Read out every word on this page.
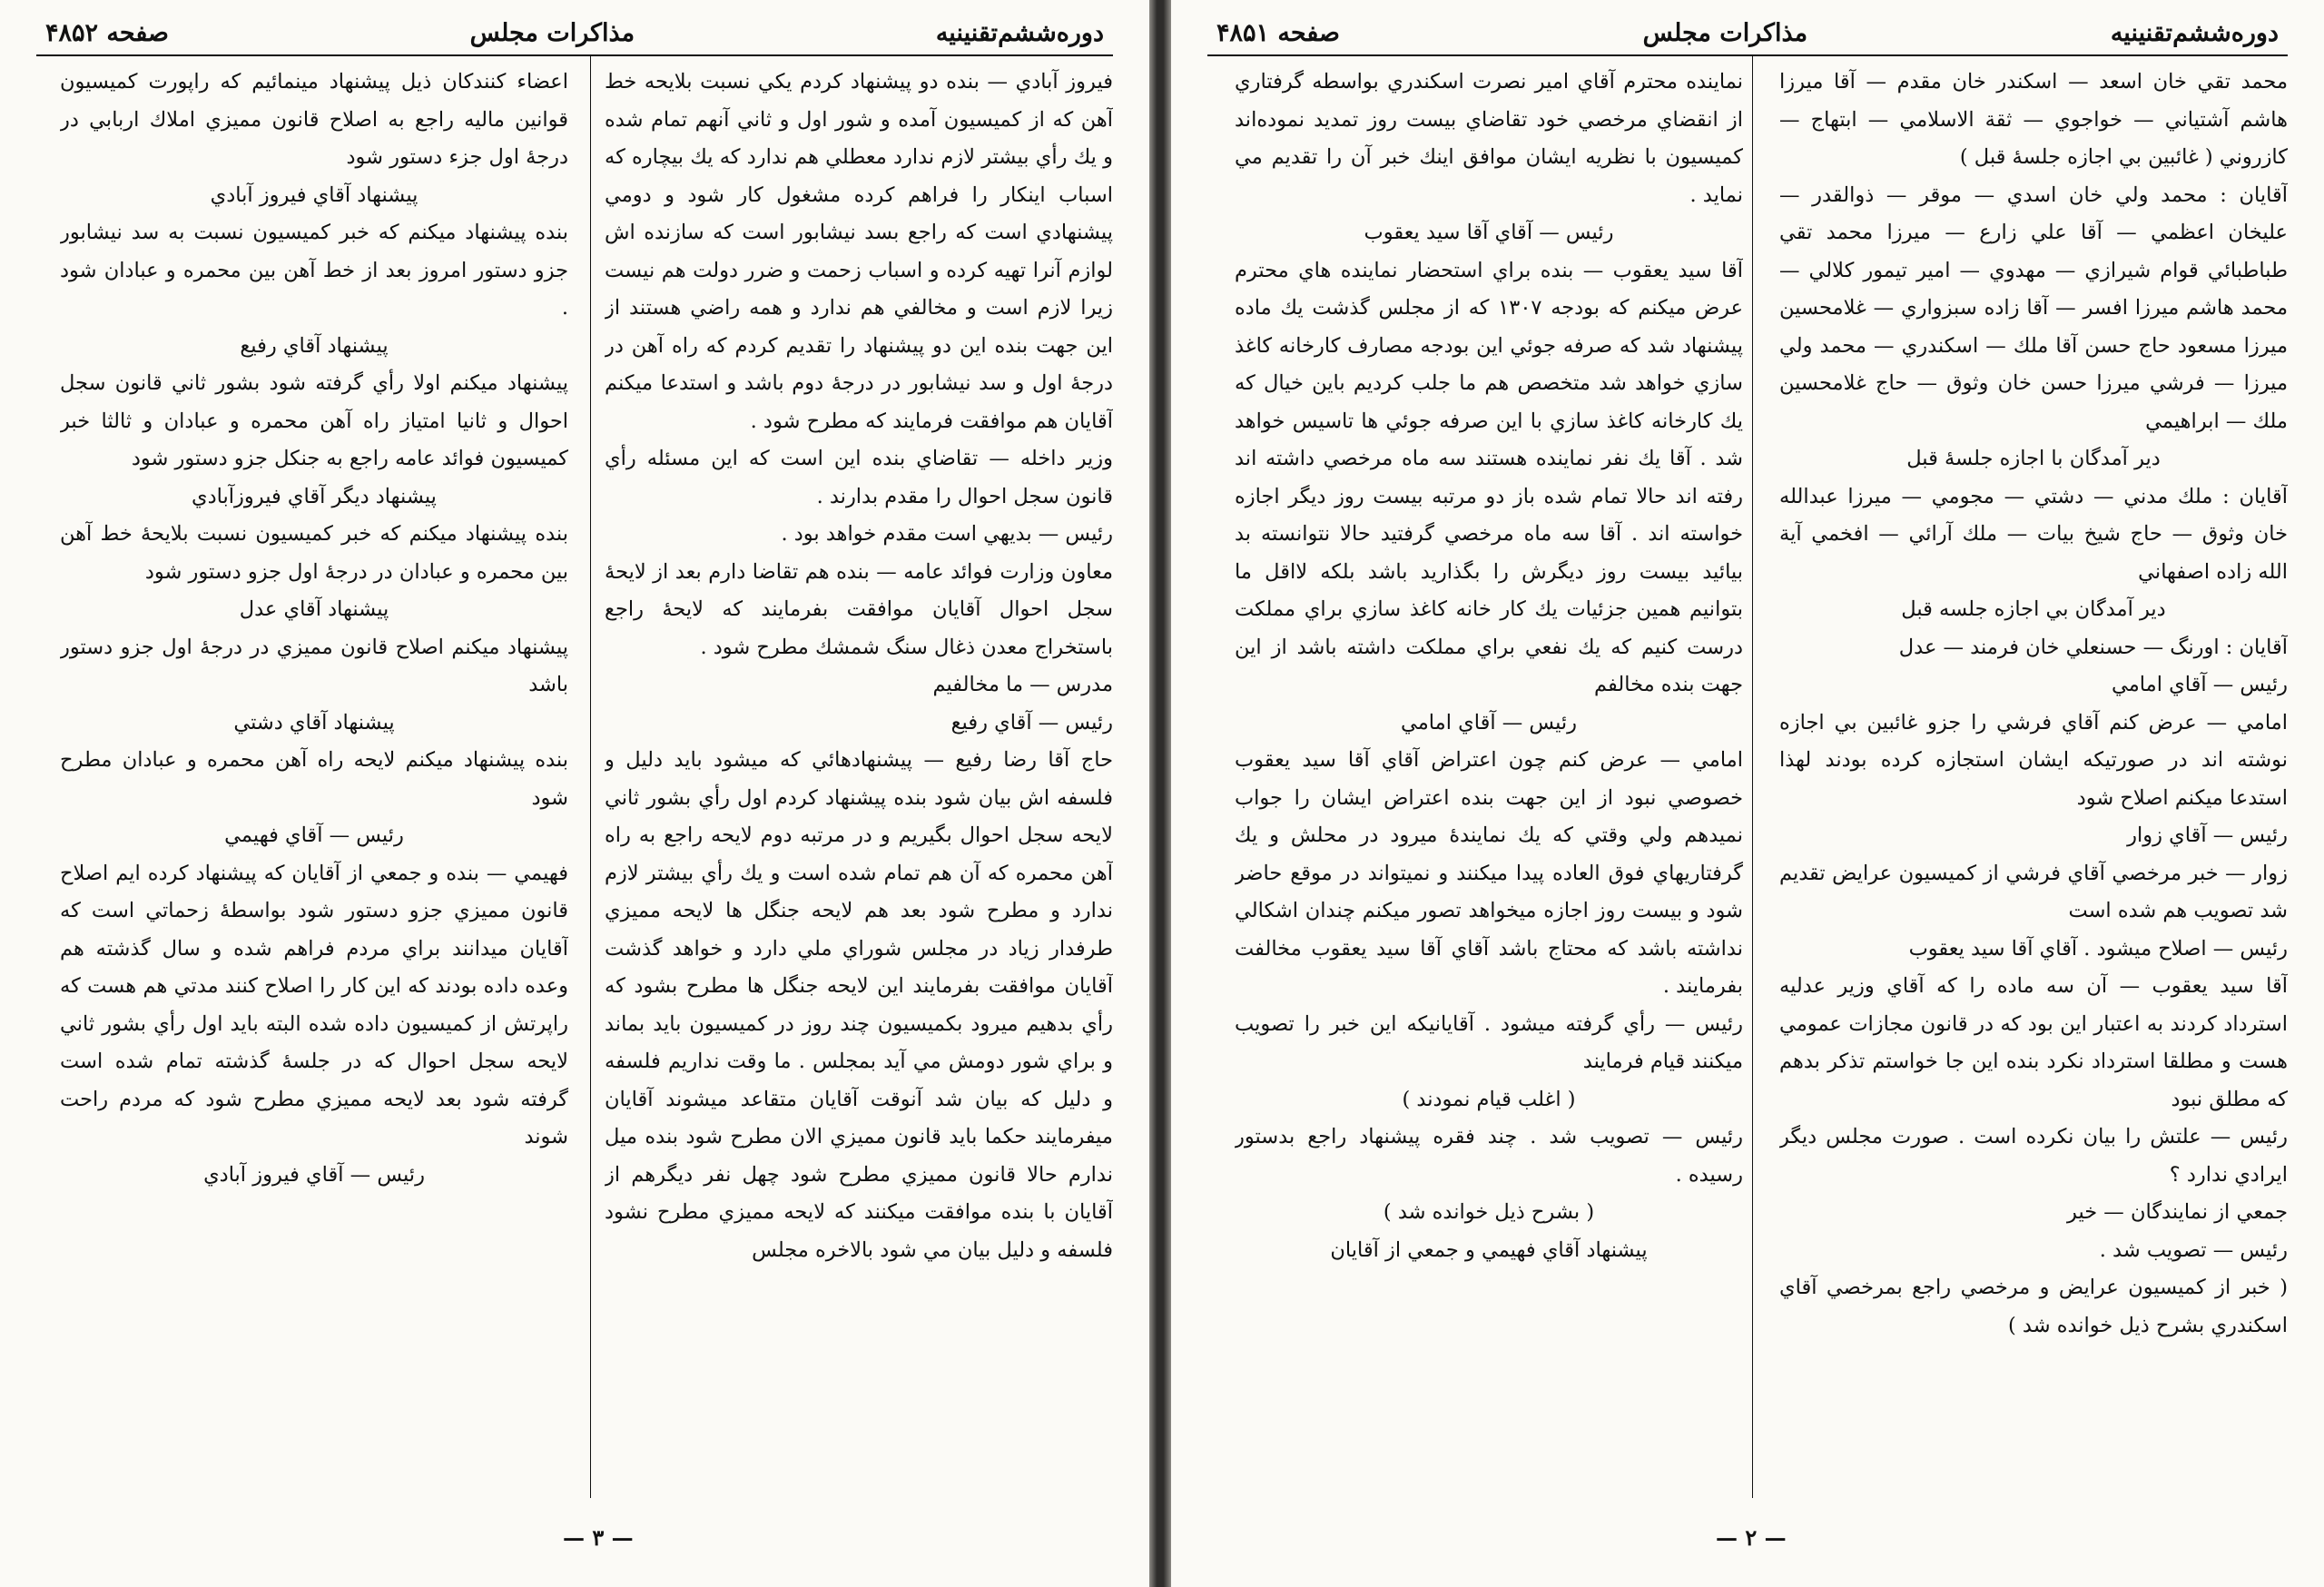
دوره‌ششم‌تقنینیه
مذاكرات مجلس
صفحه ۴۸۵۲

اعضاء كنندكان ذيل پيشنهاد مينمائيم كه راپورت كميسيون قوانين ماليه راجع به اصلاح قانون مميزي املاك اربابي در درجهٔ اول جزء دستور شود

پيشنهاد آقاي فيروز آبادي

بنده پيشنهاد ميكنم كه خبر كميسيون نسبت به سد نيشابور جزو دستور امروز بعد از خط آهن بين محمره و عبادان شود .

پيشنهاد آقاي رفيع

پيشنهاد ميكنم اولا رأي گرفته شود بشور ثاني قانون سجل احوال و ثانيا امتياز راه آهن محمره و عبادان و ثالثا خبر كميسيون فوائد عامه راجع به جنكل جزو دستور شود

پيشنهاد ديگر آقاي فيروزآبادي

بنده پيشنهاد ميكنم كه خبر كميسيون نسبت بلايحهٔ خط آهن بين محمره و عبادان در درجهٔ اول جزو دستور شود

پيشنهاد آقاي عدل

پيشنهاد ميكنم اصلاح قانون مميزي در درجهٔ اول جزو دستور باشد

پيشنهاد آقاي دشتي

بنده پيشنهاد ميكنم لايحه راه آهن محمره و عبادان مطرح شود

رئيس — آقاي فهيمي

فهيمي — بنده و جمعي از آقايان كه پيشنهاد كرده ايم اصلاح قانون مميزي جزو دستور شود بواسطهٔ زحماتي است كه آقايان ميدانند براي مردم فراهم شده و سال گذشته هم وعده داده بودند كه اين كار را اصلاح كنند مدتي هم هست كه راپرتش از كميسيون داده شده البته بايد اول رأي بشور ثاني لايحه سجل احوال كه در جلسهٔ گذشته تمام شده است گرفته شود بعد لايحه مميزي مطرح شود كه مردم راحت شوند

رئيس — آقاي فيروز آبادي

فيروز آبادي — بنده دو پيشنهاد كردم يكي نسبت بلايحه خط آهن كه از كميسيون آمده و شور اول و ثاني آنهم تمام شده و يك رأي بيشتر لازم ندارد معطلي هم ندارد كه يك بيچاره كه اسباب اينكار را فراهم كرده مشغول كار شود و دومي پيشنهادي است كه راجع بسد نيشابور است كه سازنده اش لوازم آنرا تهيه كرده و اسباب زحمت و ضرر دولت هم نيست زيرا لازم است و مخالفي هم ندارد و همه راضي هستند از اين جهت بنده اين دو پيشنهاد را تقديم كردم كه راه آهن در درجهٔ اول و سد نيشابور در درجهٔ دوم باشد و استدعا ميكنم آقايان هم موافقت فرمايند كه مطرح شود .

وزير داخله — تقاضاي بنده اين است كه اين مسئله رأي قانون سجل احوال را مقدم بدارند .

رئيس — بديهي است مقدم خواهد بود .

معاون وزارت فوائد عامه — بنده هم تقاضا دارم بعد از لايحهٔ سجل احوال آقايان موافقت بفرمايند كه لايحهٔ راجع باستخراج معدن ذغال سنگ شمشك مطرح شود .

مدرس — ما مخالفيم

رئيس — آقاي رفيع

حاج آقا رضا رفيع — پيشنهادهائي كه ميشود بايد دليل و فلسفه اش بيان شود بنده پيشنهاد كردم اول رأي بشور ثاني لايحه سجل احوال بگيريم و در مرتبه دوم لايحه راجع به راه آهن محمره كه آن هم تمام شده است و يك رأي بيشتر لازم ندارد و مطرح شود بعد هم لايحه جنگل ها لايحه مميزي طرفدار زياد در مجلس شوراي ملي دارد و خواهد گذشت آقايان موافقت بفرمايند اين لايحه جنگل ها مطرح بشود كه رأي بدهيم ميرود بكميسيون چند روز در كميسيون بايد بماند و براي شور دومش مي آيد بمجلس . ما وقت نداريم فلسفه و دليل كه بيان شد آنوقت آقايان متقاعد ميشوند آقايان ميفرمايند حكما بايد قانون مميزي الان مطرح شود بنده ميل ندارم حالا قانون مميزي مطرح شود چهل نفر ديگرهم از آقايان با بنده موافقت ميكنند كه لايحه مميزي مطرح نشود فلسفه و دليل بيان مي شود بالاخره مجلس

— ٣ —
دوره‌ششم‌تقنینیه
مذاكرات مجلس
صفحه ۴۸۵۱

نماينده محترم آقاي امير نصرت اسكندري بواسطه گرفتاري از انقضاي مرخصي خود تقاضاي بيست روز تمديد نموده‌اند كميسيون با نظريه ايشان موافق اينك خبر آن را تقديم مي نمايد .

رئيس — آقاي آقا سيد يعقوب

آقا سيد يعقوب — بنده براي استحضار نماينده هاي محترم عرض ميكنم كه بودجه ۱۳۰۷ كه از مجلس گذشت يك ماده پيشنهاد شد كه صرفه جوئي اين بودجه مصارف كارخانه كاغذ سازي خواهد شد متخصص هم ما جلب كرديم باين خيال كه يك كارخانه كاغذ سازي با اين صرفه جوئي ها تاسيس خواهد شد . آقا يك نفر نماينده هستند سه ماه مرخصي داشته اند رفته اند حالا تمام شده باز دو مرتبه بيست روز ديگر اجازه خواسته اند . آقا سه ماه مرخصي گرفتيد حالا نتوانسته بد بيائيد بيست روز ديگرش را بگذاريد باشد بلكه لااقل ما بتوانيم همين جزئيات يك كار خانه كاغذ سازي براي مملكت درست كنيم كه يك نفعي براي مملكت داشته باشد از اين جهت بنده مخالفم

رئيس — آقاي امامي

امامي — عرض كنم چون اعتراض آقاي آقا سيد يعقوب خصوصي نبود از اين جهت بنده اعتراض ايشان را جواب نميدهم ولي وقتي كه يك نمايندهٔ ميرود در محلش و يك گرفتاريهاي فوق العاده پيدا ميكنند و نميتواند در موقع حاضر شود و بيست روز اجازه ميخواهد تصور ميكنم چندان اشكالي نداشته باشد كه محتاج باشد آقاي آقا سيد يعقوب مخالفت بفرمايند .

رئيس — رأي گرفته ميشود . آقايانيكه اين خبر را تصويب ميكنند قيام فرمايند

( اغلب قيام نمودند )

رئيس — تصويب شد . چند فقره پيشنهاد راجع بدستور رسيده .

( بشرح ذيل خوانده شد )

پيشنهاد آقاي فهيمي و جمعي از آقايان

محمد تقي خان اسعد — اسكندر خان مقدم — آقا ميرزا هاشم آشتياني — خواجوي — ثقة الاسلامي — ابتهاج — كازروني ( غائبين بي اجازه جلسهٔ قبل )

آقايان : محمد ولي خان اسدي — موقر — ذوالقدر — عليخان اعظمي — آقا علي زارع — ميرزا محمد تقي طباطبائي قوام شيرازي — مهدوي — امير تيمور كلالي — محمد هاشم ميرزا افسر — آقا زاده سبزواري — غلامحسين ميرزا مسعود حاج حسن آقا ملك — اسكندري — محمد ولي ميرزا — فرشي ميرزا حسن خان وثوق — حاج غلامحسين ملك — ابراهيمي

دير آمدگان با اجازه جلسهٔ قبل

آقايان : ملك مدني — دشتي — مجومي — ميرزا عبدالله خان وثوق — حاج شيخ بيات — ملك آرائي — افخمي آية الله زاده اصفهاني

دير آمدگان بي اجازه جلسه قبل

آقايان : اورنگ — حسنعلي خان فرمند — عدل

رئيس — آقاي امامي

امامي — عرض كنم آقاي فرشي را جزو غائبين بي اجازه نوشته اند در صورتيكه ايشان استجازه كرده بودند لهذا استدعا ميكنم اصلاح شود

رئيس — آقاي زوار

زوار — خبر مرخصي آقاي فرشي از كميسيون عرايض تقديم شد تصويب هم شده است

رئيس — اصلاح ميشود . آقاي آقا سيد يعقوب

آقا سيد يعقوب — آن سه ماده را كه آقاي وزير عدليه استرداد كردند به اعتبار اين بود كه در قانون مجازات عمومي هست و مطلقا استرداد نكرد بنده اين جا خواستم تذكر بدهم كه مطلق نبود

رئيس — علتش را بيان نكرده است . صورت مجلس ديگر ايرادي ندارد ؟

جمعي از نمايندگان — خير

رئيس — تصويب شد .

( خبر از كميسيون عرايض و مرخصي راجع بمرخصي آقاي اسكندري بشرح ذيل خوانده شد )

— ٢ —
